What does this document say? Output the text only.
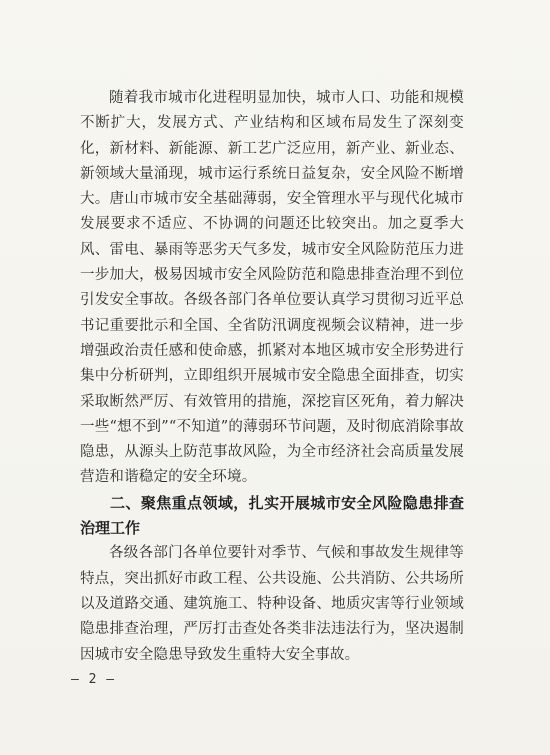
随着我市城市化进程明显加快，城市人口、功能和规模不断扩大，发展方式、产业结构和区域布局发生了深刻变化，新材料、新能源、新工艺广泛应用，新产业、新业态、新领域大量涌现，城市运行系统日益复杂，安全风险不断增大。唐山市城市安全基础薄弱，安全管理水平与现代化城市发展要求不适应、不协调的问题还比较突出。加之夏季大风、雷电、暴雨等恶劣天气多发，城市安全风险防范压力进一步加大，极易因城市安全风险防范和隐患排查治理不到位引发安全事故。各级各部门各单位要认真学习贯彻习近平总书记重要批示和全国、全省防汛调度视频会议精神，进一步增强政治责任感和使命感，抓紧对本地区城市安全形势进行集中分析研判，立即组织开展城市安全隐患全面排查，切实采取断然严厉、有效管用的措施，深挖盲区死角，着力解决一些“想不到”“不知道”的薄弱环节问题，及时彻底消除事故隐患，从源头上防范事故风险，为全市经济社会高质量发展营造和谐稳定的安全环境。

二、聚焦重点领域，扎实开展城市安全风险隐患排查治理工作

各级各部门各单位要针对季节、气候和事故发生规律等特点，突出抓好市政工程、公共设施、公共消防、公共场所以及道路交通、建筑施工、特种设备、地质灾害等行业领域隐患排查治理，严厉打击查处各类非法违法行为，坚决遏制因城市安全隐患导致发生重特大安全事故。

— 2 —
